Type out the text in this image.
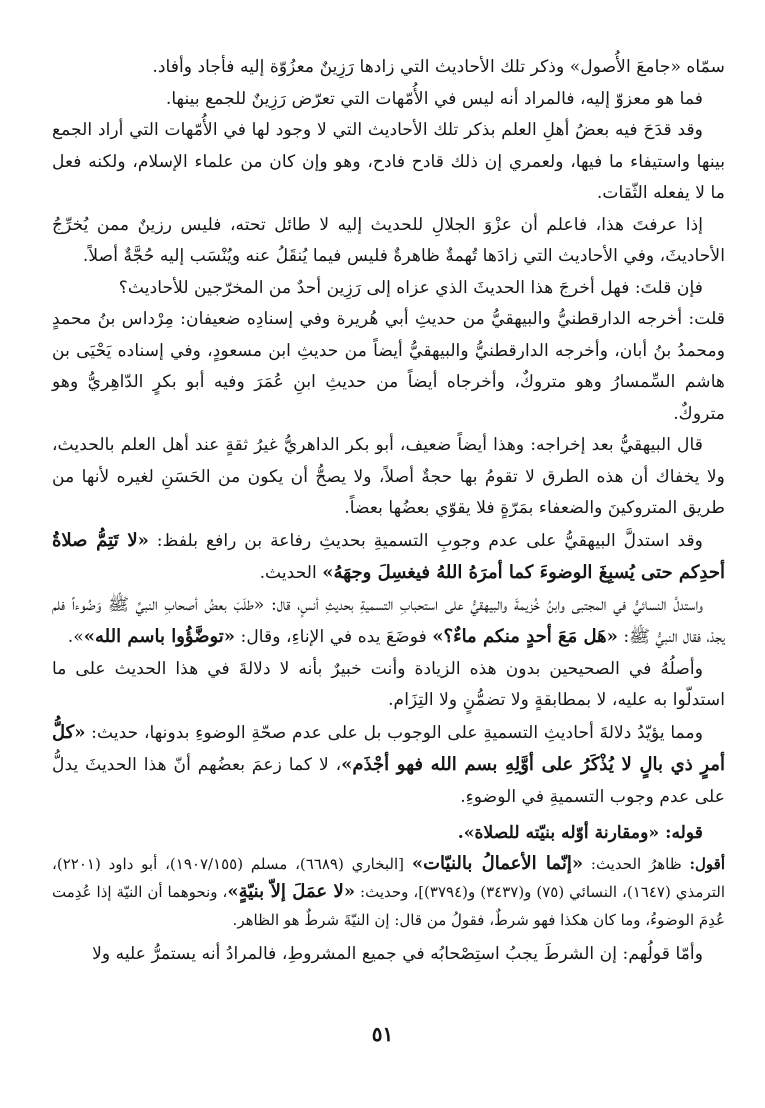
سمّاه «جامعَ الأُصول» وذكر تلك الأحاديث التي زادها رَزِينٌ معزُوّة إليه فأجاد وأفاد.

فما هو معزوّ إليه، فالمراد أنه ليس في الأُمّهات التي تعرّض رَزِينٌ للجمع بينها.

وقد قدَحَ فيه بعضُ أهلِ العلم بذكر تلك الأحاديث التي لا وجود لها في الأُمّهات التي أراد الجمع بينها واستيفاء ما فيها، ولعمري إن ذلك قادح فادح، وهو وإن كان من علماء الإسلام، ولكنه فعل ما لا يفعله الثّقات.

إذا عرفتَ هذا، فاعلم أن عزْوَ الجلالِ للحديث إليه لا طائل تحته، فليس رزينٌ ممن يُخرِّجُ الأحاديثَ، وفي الأحاديث التي زادَها تُهمةٌ ظاهرةٌ فليس فيما يُنقَلُ عنه ويُنْسَب إليه حُجَّةٌ أصلاً.

فإن قلتَ: فهل أخرجَ هذا الحديثَ الذي عزاه إلى رَزِين أحدٌ من المخرّجين للأحاديث؟

قلت: أخرجه الدارقطنيُّ والبيهقيُّ من حديثِ أبي هُريرة وفي إسنادِه ضعيفان: مِرْداس بنُ محمدٍ ومحمدُ بنُ أبان، وأخرجه الدارقطنيُّ والبيهقيُّ أيضاً من حديثِ ابن مسعودٍ، وفي إسناده يَحْيَى بن هاشم السِّمسارُ وهو متروكٌ، وأخرجاه أيضاً من حديثِ ابنِ عُمَرَ وفيه أبو بكرٍ الدّاهِريُّ وهو متروكٌ.

قال البيهقيُّ بعد إخراجه: وهذا أيضاً ضعيف، أبو بكر الداهريُّ غيرُ ثقةٍ عند أهل العلم بالحديث، ولا يخفاك أن هذه الطرق لا تقومُ بها حجةٌ أصلاً، ولا يصحُّ أن يكون من الحَسَنِ لغيره لأنها من طريق المتروكينَ والضعفاء بمَرّةٍ فلا يقوّي بعضُها بعضاً.

وقد استدلَّ البيهقيُّ على عدم وجوبِ التسميةِ بحديثِ رفاعة بن رافع بلفظ: «لا تَتِمُّ صلاةُ أحدِكم حتى يُسبِغَ الوضوءَ كما أمرَهُ اللهُ فيغسِلَ وجهَهُ» الحديث.

واستدلَّ النسائيُّ في المجتبى وابنُ خُزيمةَ والبيهقيُّ على استحبابِ التسميةِ بحديثِ أنسٍ، قال: «طلَبَ بعضُ أصحابِ النبيِّ ﷺ وَضُوءاً فلم يجدْ، فقال النبيُّ ﷺ: «هَل مَعَ أحدٍ منكم ماءٌ؟» فوضَعَ يده في الإناءِ، وقال: «توضَّؤُوا باسم الله»».

وأصلُهُ في الصحيحين بدون هذه الزيادة وأنت خبيرٌ بأنه لا دلالةَ في هذا الحديث على ما استدلّوا به عليه، لا بمطابقةٍ ولا تضمُّنٍ ولا التِزَام.

ومما يؤيّدُ دلالةَ أحاديثِ التسميةِ على الوجوب بل على عدم صحّةِ الوضوءِ بدونها، حديث: «كلُّ أمرٍ ذي بالٍ لا يُذْكَرُ على أوَّلِهِ بسم الله فهو أجْذَم»، لا كما زعمَ بعضُهم أنّ هذا الحديثَ يدلُّ على عدم وجوب التسميةِ في الوضوءِ.

قوله: «ومقارنة أوّله بنيّته للصلاة».

أقول: ظاهرُ الحديث: «إنّما الأعمالُ بالنيّات» [البخاري (٦٦٨٩)، مسلم (١٩٠٧/١٥٥)، أبو داود (٢٢٠١)، الترمذي (١٦٤٧)، النسائي (٧٥) و(٣٤٣٧) و(٣٧٩٤)]، وحديث: «لا عمَلَ إلاّ بنيّةٍ»، ونحوهما أن النيّة إذا عُدِمت عُدِمَ الوضوءُ، وما كان هكذا فهو شرطٌ، فقولُ من قال: إن النيّةَ شرطٌ هو الظاهر.

وأمّا قولُهم: إن الشرطَ يجبُ استِصْحابُه في جميع المشروطِ، فالمرادُ أنه يستمرُّ عليه ولا

٥١
